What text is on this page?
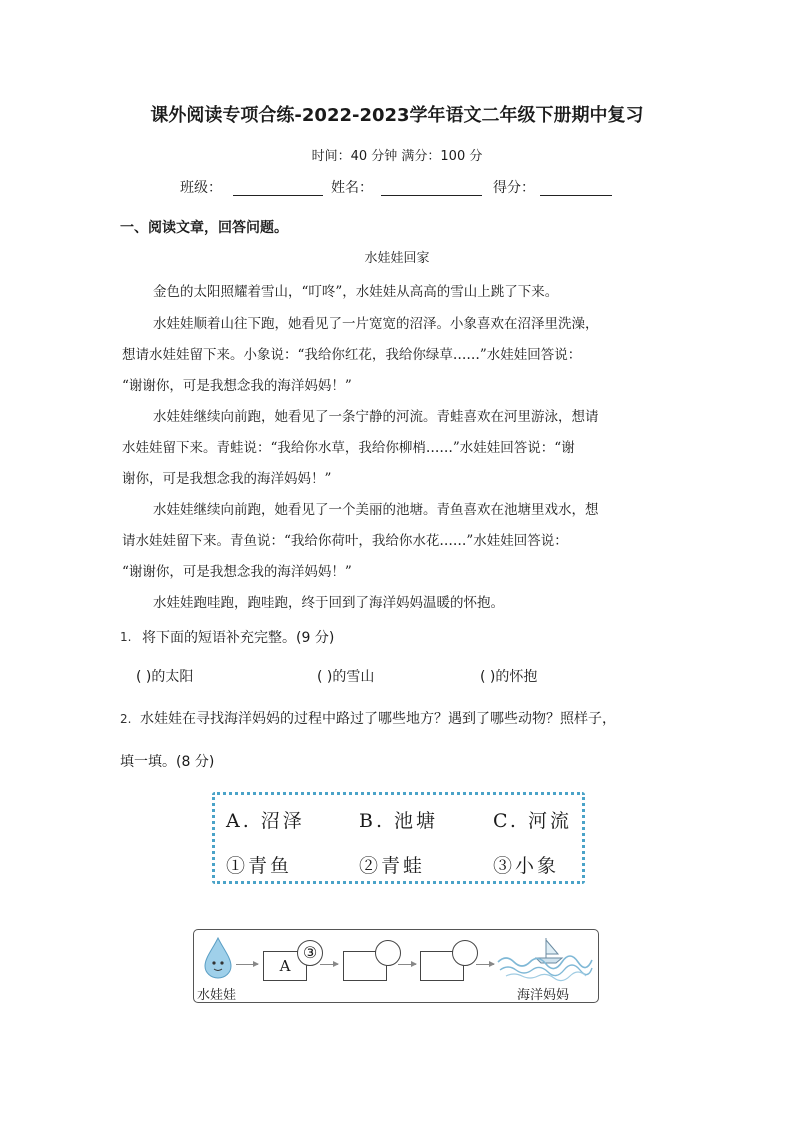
课外阅读专项合练-2022-2023学年语文二年级下册期中复习
时间：40 分钟 满分：100 分
班级：	姓名：	得分：
一、阅读文章，回答问题。
水娃娃回家
金色的太阳照耀着雪山，“叮咚”，水娃娃从高高的雪山上跳了下来。
水娃娃顺着山往下跑，她看见了一片宽宽的沼泽。小象喜欢在沼泽里洗澡，
想请水娃娃留下来。小象说：“我给你红花，我给你绿草……”水娃娃回答说：
“谢谢你，可是我想念我的海洋妈妈！”
水娃娃继续向前跑，她看见了一条宁静的河流。青蛙喜欢在河里游泳，想请
水娃娃留下来。青蛙说：“我给你水草，我给你柳梢……”水娃娃回答说：“谢
谢你，可是我想念我的海洋妈妈！”
水娃娃继续向前跑，她看见了一个美丽的池塘。青鱼喜欢在池塘里戏水，想
请水娃娃留下来。青鱼说：“我给你荷叶，我给你水花……”水娃娃回答说：
“谢谢你，可是我想念我的海洋妈妈！”
水娃娃跑哇跑，跑哇跑，终于回到了海洋妈妈温暖的怀抱。
1. 将下面的短语补充完整。(9 分)
( )的太阳	( )的雪山	( )的怀抱
2. 水娃娃在寻找海洋妈妈的过程中路过了哪些地方？遇到了哪些动物？照样子，
填一填。(8 分)
A. 沼泽	B. 池塘	C. 河流
①青鱼	②青蛙	③小象
水娃娃
A
③
海洋妈妈
